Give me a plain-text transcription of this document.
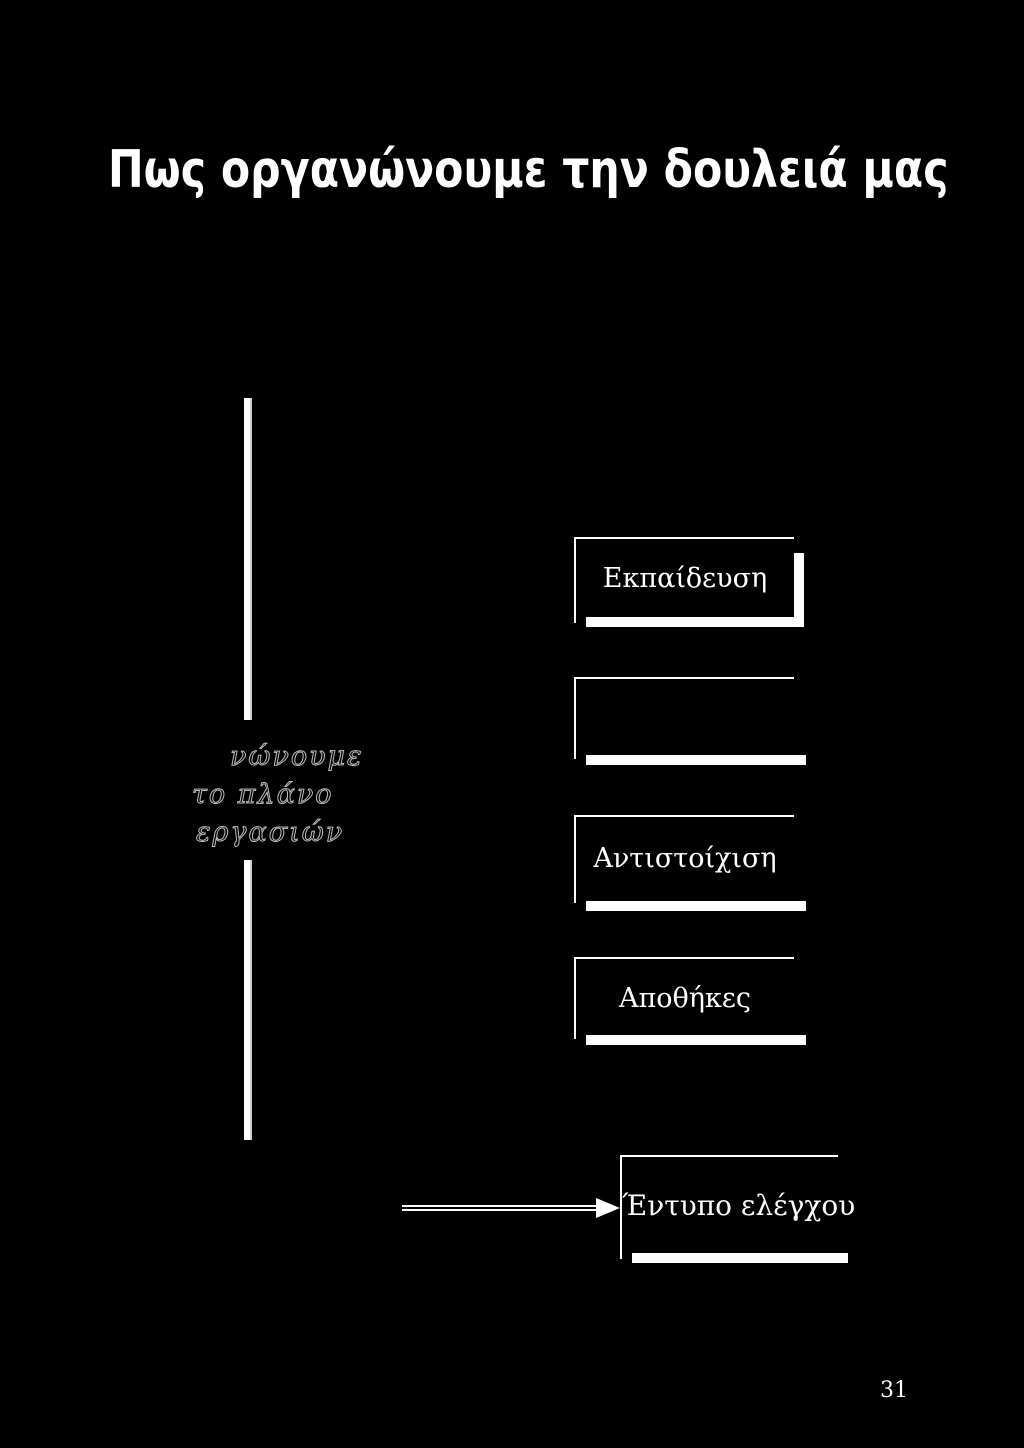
Πως οργανώνουμε την δουλειά μας
νώνουμε
το πλάνο
εργασιών
Εκπαίδευση
Αντιστοίχιση
Αποθήκες
Έντυπο ελέγχου
31
